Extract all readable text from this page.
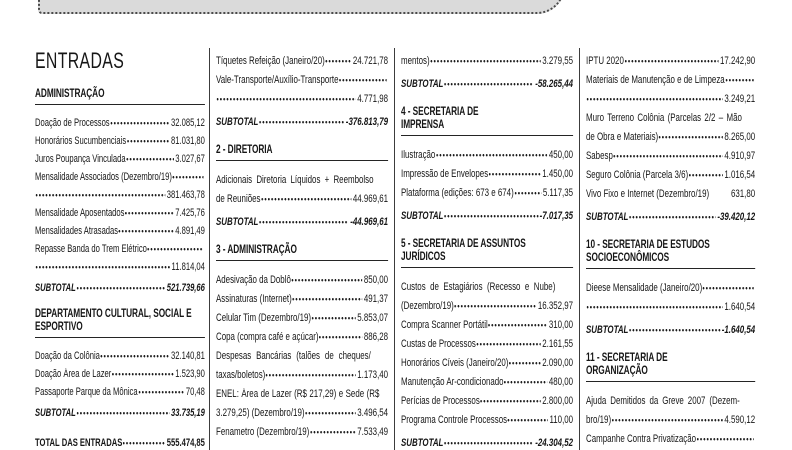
ENTRADAS
ADMINISTRAÇÃO
Doação de Processos	32.085,12
Honorários Sucumbenciais	81.031,80
Juros Poupança Vinculada	3.027,67
Mensalidade Associados (Dezembro/19)
381.463,78
Mensalidade Aposentados	7.425,76
Mensalidades Atrasadas	4.891,49
Repasse Banda do Trem Elétrico
11.814,04
SUBTOTAL	521.739,66
DEPARTAMENTO CULTURAL, SOCIAL E
ESPORTIVO
Doação da Colônia	32.140,81
Doação Área de Lazer	1.523,90
Passaporte Parque da Mônica	70,48
SUBTOTAL	33.735,19
TOTAL DAS ENTRADAS	555.474,85
Tíquetes Refeição (Janeiro/20)	24.721,78
Vale-Transporte/Auxílio-Transporte
4.771,98
SUBTOTAL	-376.813,79
2 - DIRETORIA
Adicionais Diretoria Líquidos + Reembolso
de Reuniões	44.969,61
SUBTOTAL	-44.969,61
3 - ADMINISTRAÇÃO
Adesivação da Doblô	850,00
Assinaturas (Internet)	491,37
Celular Tim (Dezembro/19)	5.853,07
Copa (compra café e açúcar)	886,28
Despesas Bancárias (talões de cheques/
taxas/boletos)	1.173,40
ENEL: Área de Lazer (R$ 217,29) e Sede (R$
3.279,25) (Dezembro/19)	3.496,54
Fenametro (Dezembro/19)	7.533,49
mentos)	3.279,55
SUBTOTAL	-58.265,44
4 - SECRETARIA DE
IMPRENSA
Ilustração	450,00
Impressão de Envelopes	1.450,00
Plataforma (edições: 673 e 674)	5.117,35
SUBTOTAL	-7.017,35
5 - SECRETARIA DE ASSUNTOS
JURÍDICOS
Custos de Estagiários (Recesso e Nube)
(Dezembro/19)	16.352,97
Compra Scanner Portátil	310,00
Custas de Processos	2.161,55
Honorários Cíveis (Janeiro/20)	2.090,00
Manutenção Ar-condicionado	480,00
Perícias de Processos	2.800,00
Programa Controle Processos	110,00
SUBTOTAL	-24.304,52
IPTU 2020	17.242,90
Materiais de Manutenção e de Limpeza
3.249,21
Muro Terreno Colônia (Parcelas 2/2 – Mão
de Obra e Materiais)	8.265,00
Sabesp	4.910,97
Seguro Colônia (Parcela 3/6)	1.016,54
Vivo Fixo e Internet (Dezembro/19) 631,80
SUBTOTAL	-39.420,12
10 - SECRETARIA DE ESTUDOS
SOCIOECONÔMICOS
Dieese Mensalidade (Janeiro/20)
1.640,54
SUBTOTAL	-1.640,54
11 - SECRETARIA DE
ORGANIZAÇÃO
Ajuda Demitidos da Greve 2007 (Dezem-
bro/19)	4.590,12
Campanhe Contra Privatização
